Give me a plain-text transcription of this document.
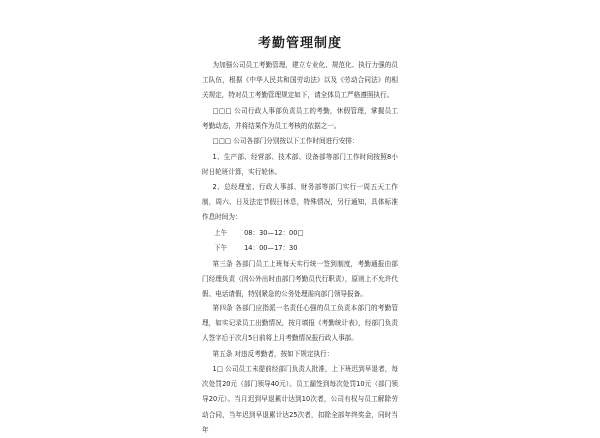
考勤管理制度
为加强公司员工考勤管理，建立专业化、规范化、执行力强的员工队伍，根据《中华人民共和国劳动法》以及《劳动合同法》的相关规定，特对员工考勤管理规定如下，请全体员工严格遵照执行。
□□□ 公司行政人事部负责员工的考勤，休假管理，掌握员工考勤动态，并将结果作为员工考核的依据之一。
□□□ 公司各部门分别按以下工作时间进行安排：
1、生产部、经营部、技术部、设备部等部门工作时间按照8小时日轮班计算，实行轮休。
2、总经理室、行政人事部、财务部等部门实行一周五天工作制，周六、日及法定节假日休息，特殊情况，另行通知，具体标准作息时间为：
上午	08：30—12：00□
下午	14：00—17：30
第三条 各部门员工上班每天实行统一签到制度，考勤通报由部门经理负责（因公外出时由部门考勤员代行职责），原则上不允许代假、电话请假，特别紧急的公务处理需向部门领导报备。
第四条 各部门应指派一名责任心强的员工负责本部门的考勤管理，如实记录员工出勤情况，按月填报《考勤统计表》，经部门负责人签字后于次月5日前将上月考勤情况报行政人事部。
第五条 对违反考勤者，按如下规定执行：
1□ 公司员工未提前经部门负责人批准，上下班迟到早退者，每次处罚20元（部门领导40元）。员工漏签到每次处罚10元（部门领导20元）。当月迟到早退累计达到10次者，公司有权与员工解除劳动合同，当年迟到早退累计达25次者，扣除全部年终奖金，同时当年
